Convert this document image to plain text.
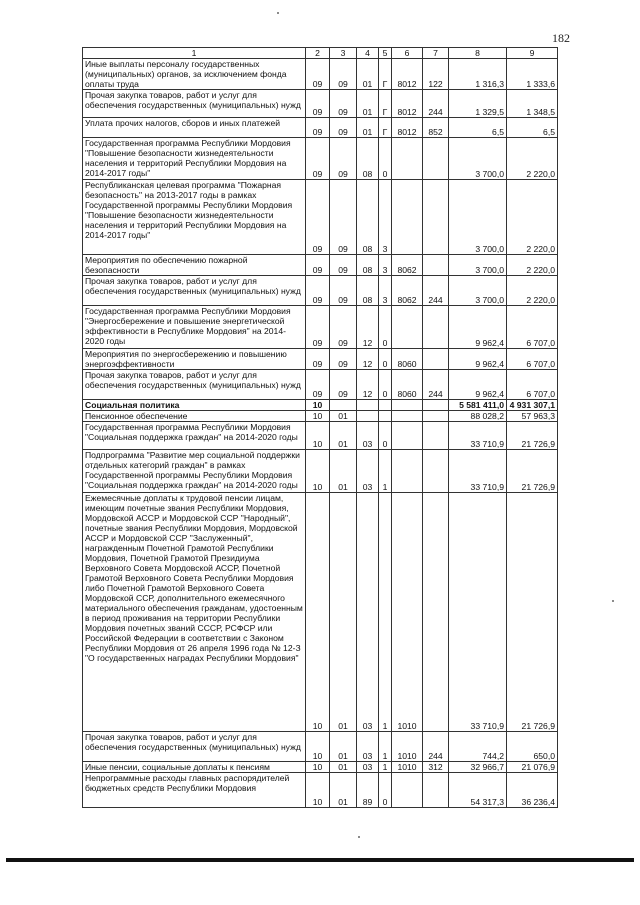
182
1	2	3	4	5	6	7	8	9
Иные выплаты персоналу государственных (муниципальных) органов, за исключением фонда оплаты труда	09	09	01	Г	8012	122	1 316,3	1 333,6
Прочая закупка товаров, работ и услуг для обеспечения государственных (муниципальных) нужд	09	09	01	Г	8012	244	1 329,5	1 348,5
Уплата прочих налогов, сборов и иных платежей	09	09	01	Г	8012	852	6,5	6,5
Государственная программа Республики Мордовия "Повышение безопасности жизнедеятельности населения и территорий Республики Мордовия на 2014-2017 годы"	09	09	08	0			3 700,0	2 220,0
Республиканская целевая программа "Пожарная безопасность" на 2013-2017 годы в рамках Государственной программы Республики Мордовия "Повышение безопасности жизнедеятельности населения и территорий Республики Мордовия на 2014-2017 годы"	09	09	08	3			3 700,0	2 220,0
Мероприятия по обеспечению пожарной безопасности	09	09	08	3	8062		3 700,0	2 220,0
Прочая закупка товаров, работ и услуг для обеспечения государственных (муниципальных) нужд	09	09	08	3	8062	244	3 700,0	2 220,0
Государственная программа Республики Мордовия "Энергосбережение и повышение энергетической эффективности в Республике Мордовия" на 2014-2020 годы	09	09	12	0			9 962,4	6 707,0
Мероприятия по энергосбережению и повышению энергоэффективности	09	09	12	0	8060		9 962,4	6 707,0
Прочая закупка товаров, работ и услуг для обеспечения государственных (муниципальных) нужд	09	09	12	0	8060	244	9 962,4	6 707,0
Социальная политика	10						5 581 411,0	4 931 307,1
Пенсионное обеспечение	10	01					88 028,2	57 963,3
Государственная программа Республики Мордовия "Социальная поддержка граждан" на 2014-2020 годы	10	01	03	0			33 710,9	21 726,9
Подпрограмма "Развитие мер социальной поддержки отдельных категорий граждан" в рамках Государственной программы Республики Мордовия "Социальная поддержка граждан" на 2014-2020 годы	10	01	03	1			33 710,9	21 726,9
Ежемесячные доплаты к трудовой пенсии лицам, имеющим почетные звания Республики Мордовия, Мордовской АССР и Мордовской ССР "Народный", почетные звания Республики Мордовия, Мордовской АССР и Мордовской ССР "Заслуженный", награжденным Почетной Грамотой Республики Мордовия, Почетной Грамотой Президиума Верховного Совета Мордовской АССР, Почетной Грамотой Верховного Совета Республики Мордовия либо Почетной Грамотой Верховного Совета Мордовской ССР, дополнительного ежемесячного материального обеспечения гражданам, удостоенным в период проживания на территории Республики Мордовия почетных званий СССР, РСФСР или Российской Федерации в соответствии с Законом Республики Мордовия от 26 апреля 1996 года № 12-З "О государственных наградах Республики Мордовия"	10	01	03	1	1010		33 710,9	21 726,9
Прочая закупка товаров, работ и услуг для обеспечения государственных (муниципальных) нужд	10	01	03	1	1010	244	744,2	650,0
Иные пенсии, социальные доплаты к пенсиям	10	01	03	1	1010	312	32 966,7	21 076,9
Непрограммные расходы главных распорядителей бюджетных средств Республики Мордовия	10	01	89	0			54 317,3	36 236,4
